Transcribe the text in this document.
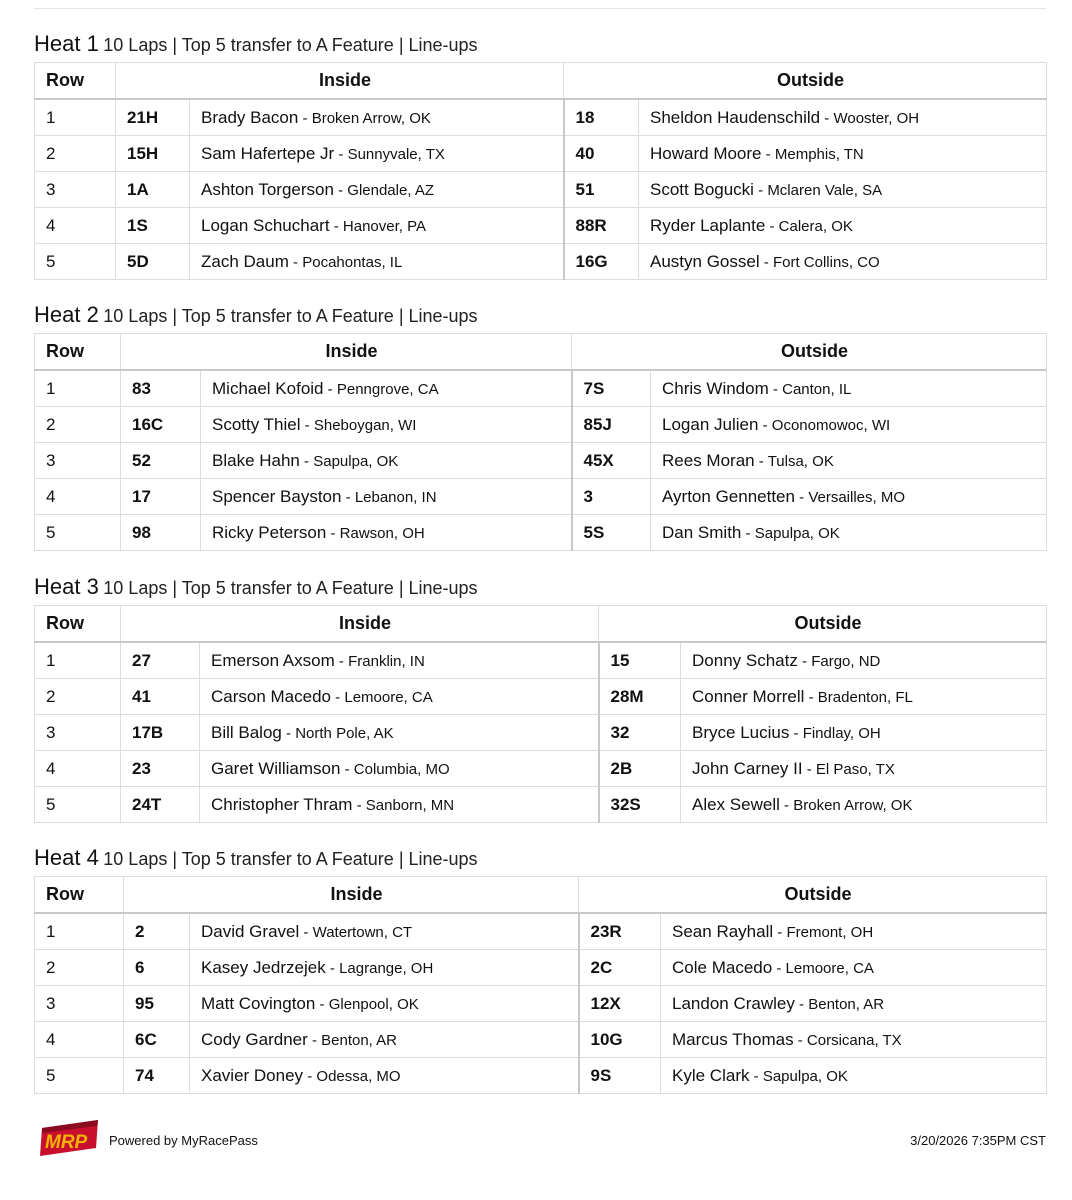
Heat 1 10 Laps | Top 5 transfer to A Feature | Line-ups
Row	Inside		Outside	
1	21H	Brady Bacon - Broken Arrow, OK	18	Sheldon Haudenschild - Wooster, OH
2	15H	Sam Hafertepe Jr - Sunnyvale, TX	40	Howard Moore - Memphis, TN
3	1A	Ashton Torgerson - Glendale, AZ	51	Scott Bogucki - Mclaren Vale, SA
4	1S	Logan Schuchart - Hanover, PA	88R	Ryder Laplante - Calera, OK
5	5D	Zach Daum - Pocahontas, IL	16G	Austyn Gossel - Fort Collins, CO
Heat 2 10 Laps | Top 5 transfer to A Feature | Line-ups
Row	Inside		Outside	
1	83	Michael Kofoid - Penngrove, CA	7S	Chris Windom - Canton, IL
2	16C	Scotty Thiel - Sheboygan, WI	85J	Logan Julien - Oconomowoc, WI
3	52	Blake Hahn - Sapulpa, OK	45X	Rees Moran - Tulsa, OK
4	17	Spencer Bayston - Lebanon, IN	3	Ayrton Gennetten - Versailles, MO
5	98	Ricky Peterson - Rawson, OH	5S	Dan Smith - Sapulpa, OK
Heat 3 10 Laps | Top 5 transfer to A Feature | Line-ups
Row	Inside		Outside	
1	27	Emerson Axsom - Franklin, IN	15	Donny Schatz - Fargo, ND
2	41	Carson Macedo - Lemoore, CA	28M	Conner Morrell - Bradenton, FL
3	17B	Bill Balog - North Pole, AK	32	Bryce Lucius - Findlay, OH
4	23	Garet Williamson - Columbia, MO	2B	John Carney II - El Paso, TX
5	24T	Christopher Thram - Sanborn, MN	32S	Alex Sewell - Broken Arrow, OK
Heat 4 10 Laps | Top 5 transfer to A Feature | Line-ups
Row	Inside		Outside	
1	2	David Gravel - Watertown, CT	23R	Sean Rayhall - Fremont, OH
2	6	Kasey Jedrzejek - Lagrange, OH	2C	Cole Macedo - Lemoore, CA
3	95	Matt Covington - Glenpool, OK	12X	Landon Crawley - Benton, AR
4	6C	Cody Gardner - Benton, AR	10G	Marcus Thomas - Corsicana, TX
5	74	Xavier Doney - Odessa, MO	9S	Kyle Clark - Sapulpa, OK
MRP Powered by MyRacePass	3/20/2026 7:35PM CST
